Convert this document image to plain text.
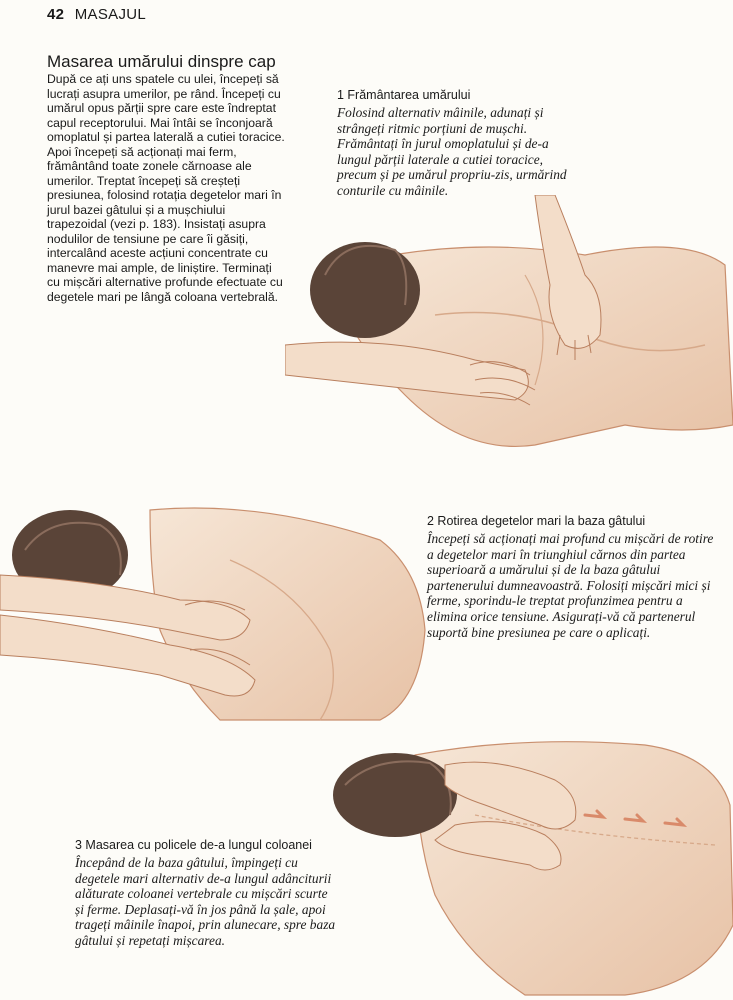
42 MASAJUL
Masarea umărului dinspre cap

După ce ați uns spatele cu ulei, începeți să lucrați asupra umerilor, pe rând. Începeți cu umărul opus părții spre care este îndreptat capul receptorului. Mai întâi se înconjoară omoplatul și partea laterală a cutiei toracice. Apoi începeți să acționați mai ferm, frământând toate zonele cărnoase ale umerilor. Treptat începeți să creșteți presiunea, folosind rotația degetelor mari în jurul bazei gâtului și a mușchiului trapezoidal (vezi p. 183). Insistați asupra nodulilor de tensiune pe care îi găsiți, intercalând aceste acțiuni concentrate cu manevre mai ample, de liniștire. Terminați cu mișcări alternative profunde efectuate cu degetele mari pe lângă coloana vertebrală.

1 Frământarea umărului

Folosind alternativ mâinile, adunați și strângeți ritmic porțiuni de mușchi. Frământați în jurul omoplatului și de-a lungul părții laterale a cutiei toracice, precum și pe umărul propriu-zis, urmărind conturile cu mâinile.

2 Rotirea degetelor mari la baza gâtului

Începeți să acționați mai profund cu mișcări de rotire a degetelor mari în triunghiul cărnos din partea superioară a umărului și de la baza gâtului partenerului dumneavoastră. Folosiți mișcări mici și ferme, sporindu-le treptat profunzimea pentru a elimina orice tensiune. Asigurați-vă că partenerul suportă bine presiunea pe care o aplicați.

3 Masarea cu policele de-a lungul coloanei

Începând de la baza gâtului, împingeți cu degetele mari alternativ de-a lungul adânciturii alăturate coloanei vertebrale cu mișcări scurte și ferme. Deplasați-vă în jos până la șale, apoi trageți mâinile înapoi, prin alunecare, spre baza gâtului și repetați mișcarea.
